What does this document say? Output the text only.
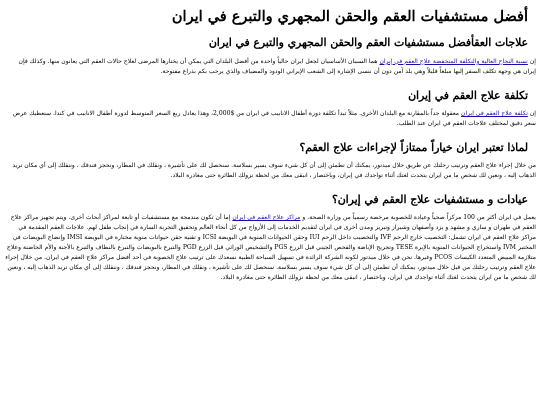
أفضل مستشفيات العقم والحقن المجهري والتبرع في ايران
علاجات العقأفضل مستشفيات العقم والحقن المجهري والتبرع في ايران

إن نسبة النجاح العالية والتكلفة المنخفضة علاج العقم في إيران هما السببان الأساسيان لجعل ايران حالياً واحدة من أفضل البلدان التي يمكن أن يختارها المرضى لعلاج حالات العقم التي يعانون منها. وكذلك فإن إيران هي وجهة تكلف السفر إليها مبلغاً قليلاً وهي بلد آمن دون أن ننسى الإشارة إلى الشعب الإيراني الودود والمضياف والذي يرحب بكم بذراع مفتوحة.

تكلفة علاج العقم في إيران

إن تكلفة علاج العقم في إيران معقولة جداً بالمقارنة مع البلدان الأخرى. مثلاً تبدأ تكلفة دورة أطفال الانابيب في ايران من $2,000، وهذا يعادل ربع السعر المتوسط لدورة أطفال الانابيب في كندا. سنعطيك عرض سعر دقيق لمختلف علاجات العقم في ايران عند الطلب.

لماذا تعتبر ايران خياراً ممتازاً لإجراءات علاج العقم؟

من خلال إجراء علاج العقم وترتيب رحلتك عن طريق خلال ميدتور، يمكنك أن تطمئن إلى أن كل شيء سوف يسير بسلاسة. سنحصل لك على تأشيرة ، ونقلك في المطار، ونحجز فندقك ، وننقلك إلى أي مكان تريد الذهاب إليه ، ونعين لك شخص ما من ايران يتحدث لغتك أثناء تواجدك في إيران، وباختصار ، انبقى معك من لحظة نزولك الطائرة حتى مغادرة البلاد.

عيادات و مستشفيات علاج العقم في إيران؟

يعمل في ايران أكثر من 100 مركزاً صحياً وعيادة للخصوبة مرخصة رسمياً من وزارة الصحة. و مراكز علاج العقم في إيران إما أن تكون مندمجة مع مستشفيات أو تابعة لمراكز أبحاث أخرى. ويتم تجهيز مراكز علاج العقم في طهران و ساري و مشهد و يزد وأصفهان وشيراز وتبريز ومدن أخرى في ايران لتقديم الخدمات إلى الأزواج من كل أنحاء العالم وتحقيق التجربة السارة في إنجاب طفل لهم. علاجات العقم المقدمة في مراكز علاج العقم في ايران تشمل: التخصيب خارج الرحم IVF والتخصيب داخل الرحم IUI وحقن الحيوانات المنوية في البويضة ICSI و تقنية حقن حيوانات منوية مختارة في البويضة IMSI وإنضاج البويضات في المختبر IVM واستخراج الحيوانات المنوية بالإبرة TESE وتجريح الإباضة والفحص الجيني قبل الزرع PGS والتشخيص الوراثي قبل الزرع PGD والتبرع بالبويضات والتبرع بالنطاف والتبرع بالأجنة والأم الحاضنة وعلاج متلازمة المبيض المتعدد الكيسات PCOS وغيرها. نحن في خلال ميدتور لكونه الشركة الرائدة في تسهيل السياحة الطبية نسعدك على ترتيب علاج الخصوبة في أحد أفضل مراكز علاج العقم في ايران. من خلال إجراء علاج العقم وترتيب رحلتك من قبل خلال ميدتور، يمكنك أن تطمئن إلى أن كل شيء سوف يسير بسلاسة. سنحصل لك على تأشيرة ، ونقلك في المطار، ونحجز فندقك ، وننقلك إلى أي مكان تريد الذهاب إليه ، ونعين لك شخص ما من ايران يتحدث لغتك أثناء تواجدك في ايران، وباختصار ، انبقى معك من لحظة نزولك الطائرة حتى مغادرة البلاد.
